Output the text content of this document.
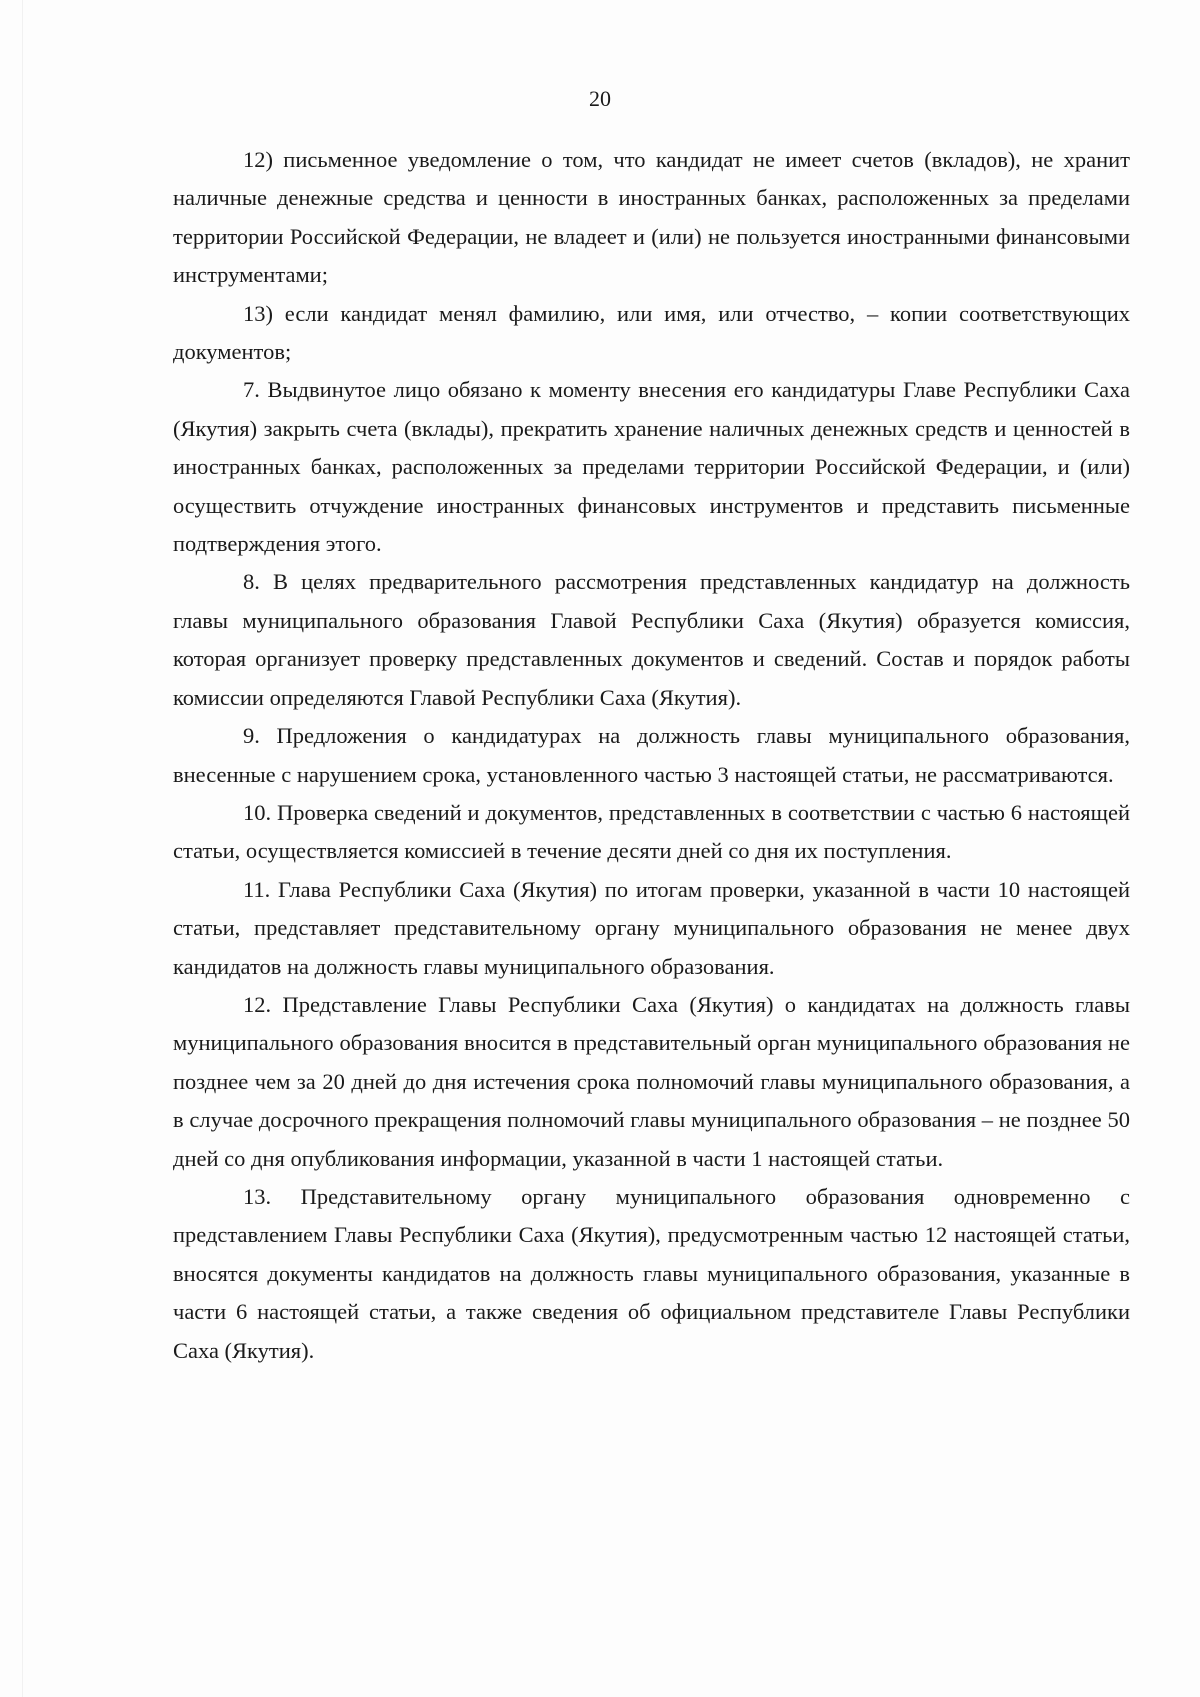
20

12) письменное уведомление о том, что кандидат не имеет счетов (вкладов), не хранит наличные денежные средства и ценности в иностранных банках, расположенных за пределами территории Российской Федерации, не владеет и (или) не пользуется иностранными финансовыми инструментами;

13) если кандидат менял фамилию, или имя, или отчество, – копии соответствующих документов;

7. Выдвинутое лицо обязано к моменту внесения его кандидатуры Главе Республики Саха (Якутия) закрыть счета (вклады), прекратить хранение наличных денежных средств и ценностей в иностранных банках, расположенных за пределами территории Российской Федерации, и (или) осуществить отчуждение иностранных финансовых инструментов и представить письменные подтверждения этого.

8. В целях предварительного рассмотрения представленных кандидатур на должность главы муниципального образования Главой Республики Саха (Якутия) образуется комиссия, которая организует проверку представленных документов и сведений. Состав и порядок работы комиссии определяются Главой Республики Саха (Якутия).

9. Предложения о кандидатурах на должность главы муниципального образования, внесенные с нарушением срока, установленного частью 3 настоящей статьи, не рассматриваются.

10. Проверка сведений и документов, представленных в соответствии с частью 6 настоящей статьи, осуществляется комиссией в течение десяти дней со дня их поступления.

11. Глава Республики Саха (Якутия) по итогам проверки, указанной в части 10 настоящей статьи, представляет представительному органу муниципального образования не менее двух кандидатов на должность главы муниципального образования.

12. Представление Главы Республики Саха (Якутия) о кандидатах на должность главы муниципального образования вносится в представительный орган муниципального образования не позднее чем за 20 дней до дня истечения срока полномочий главы муниципального образования, а в случае досрочного прекращения полномочий главы муниципального образования – не позднее 50 дней со дня опубликования информации, указанной в части 1 настоящей статьи.

13. Представительному органу муниципального образования одновременно с представлением Главы Республики Саха (Якутия), предусмотренным частью 12 настоящей статьи, вносятся документы кандидатов на должность главы муниципального образования, указанные в части 6 настоящей статьи, а также сведения об официальном представителе Главы Республики Саха (Якутия).
